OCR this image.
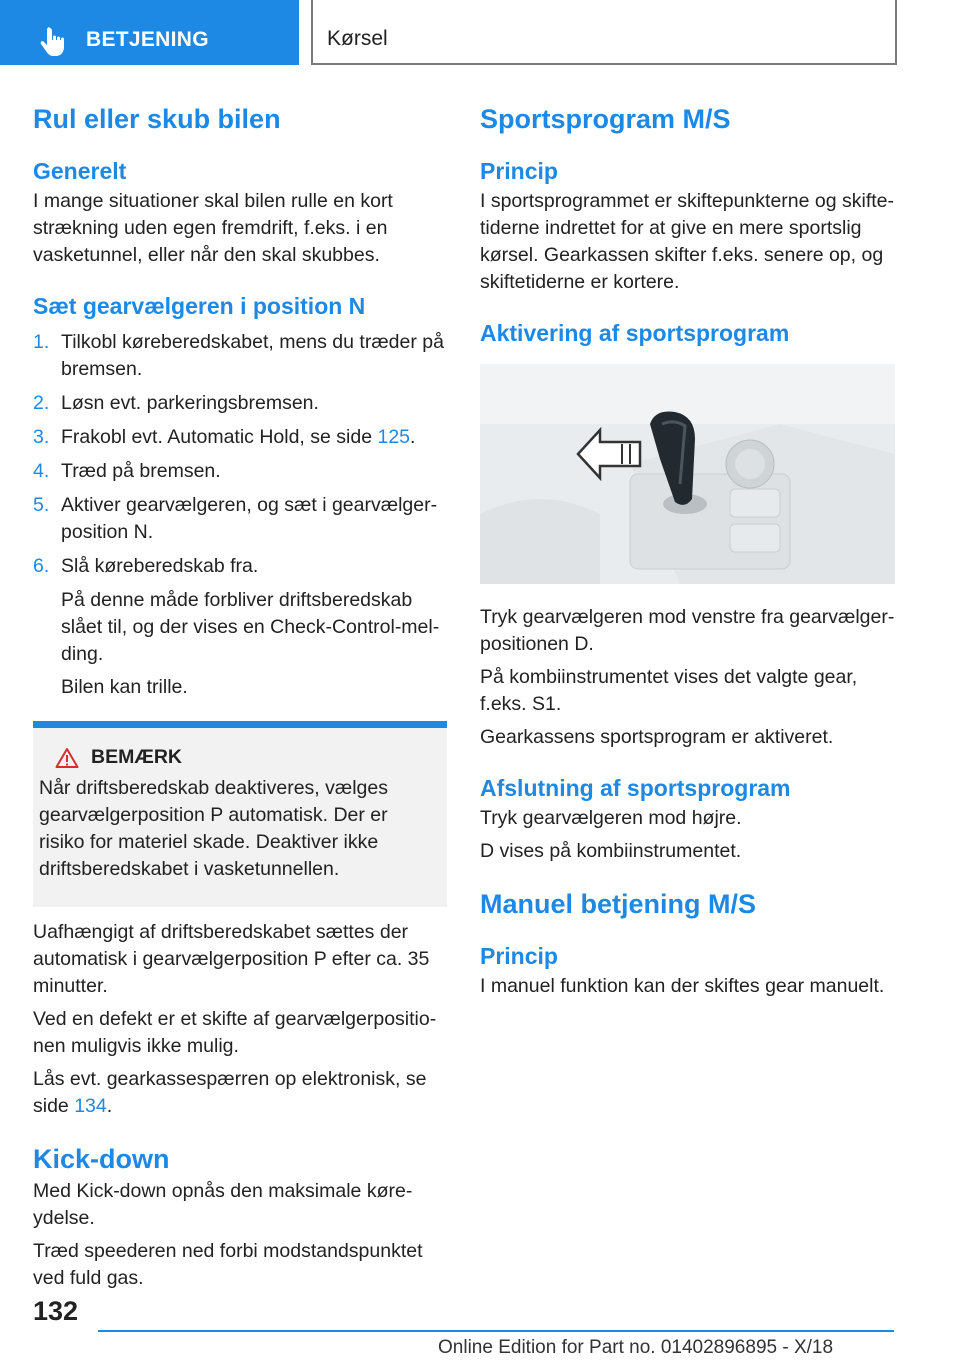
BETJENING	Kørsel
Rul eller skub bilen
Generelt

I mange situationer skal bilen rulle en kort strækning uden egen fremdrift, f.eks. i en vasketunnel, eller når den skal skubbes.

Sæt gearvælgeren i position N
1. Tilkobl køreberedskabet, mens du træder på bremsen.
2. Løsn evt. parkeringsbremsen.
3. Frakobl evt. Automatic Hold, se side 125.
4. Træd på bremsen.
5. Aktiver gearvælgeren, og sæt i gearvælgerposition N.
6. Slå køreberedskab fra.

På denne måde forbliver driftsberedskab slået til, og der vises en Check-Control-melding.

Bilen kan trille.

BEMÆRK

Når driftsberedskab deaktiveres, vælges gearvælgerposition P automatisk. Der er risiko for materiel skade. Deaktiver ikke driftsberedskabet i vasketunnellen.

Uafhængigt af driftsberedskabet sættes der automatisk i gearvælgerposition P efter ca. 35 minutter.

Ved en defekt er et skifte af gearvælgerpositionen muligvis ikke mulig.

Lås evt. gearkassespærren op elektronisk, se side 134.

Kick-down

Med Kick-down opnås den maksimale køreydelse.

Træd speederen ned forbi modstandspunktet ved fuld gas.

Sportsprogram M/S
Princip

I sportsprogrammet er skiftepunkterne og skiftetiderne indrettet for at give en mere sportslig kørsel. Gearkassen skifter f.eks. senere op, og skiftetiderne er kortere.

Aktivering af sportsprogram

Tryk gearvælgeren mod venstre fra gearvælgerpositionen D.

På kombiinstrumentet vises det valgte gear, f.eks. S1.

Gearkassens sportsprogram er aktiveret.

Afslutning af sportsprogram

Tryk gearvælgeren mod højre.

D vises på kombiinstrumentet.

Manuel betjening M/S
Princip

I manuel funktion kan der skiftes gear manuelt.

132
Online Edition for Part no. 01402896895 - X/18
